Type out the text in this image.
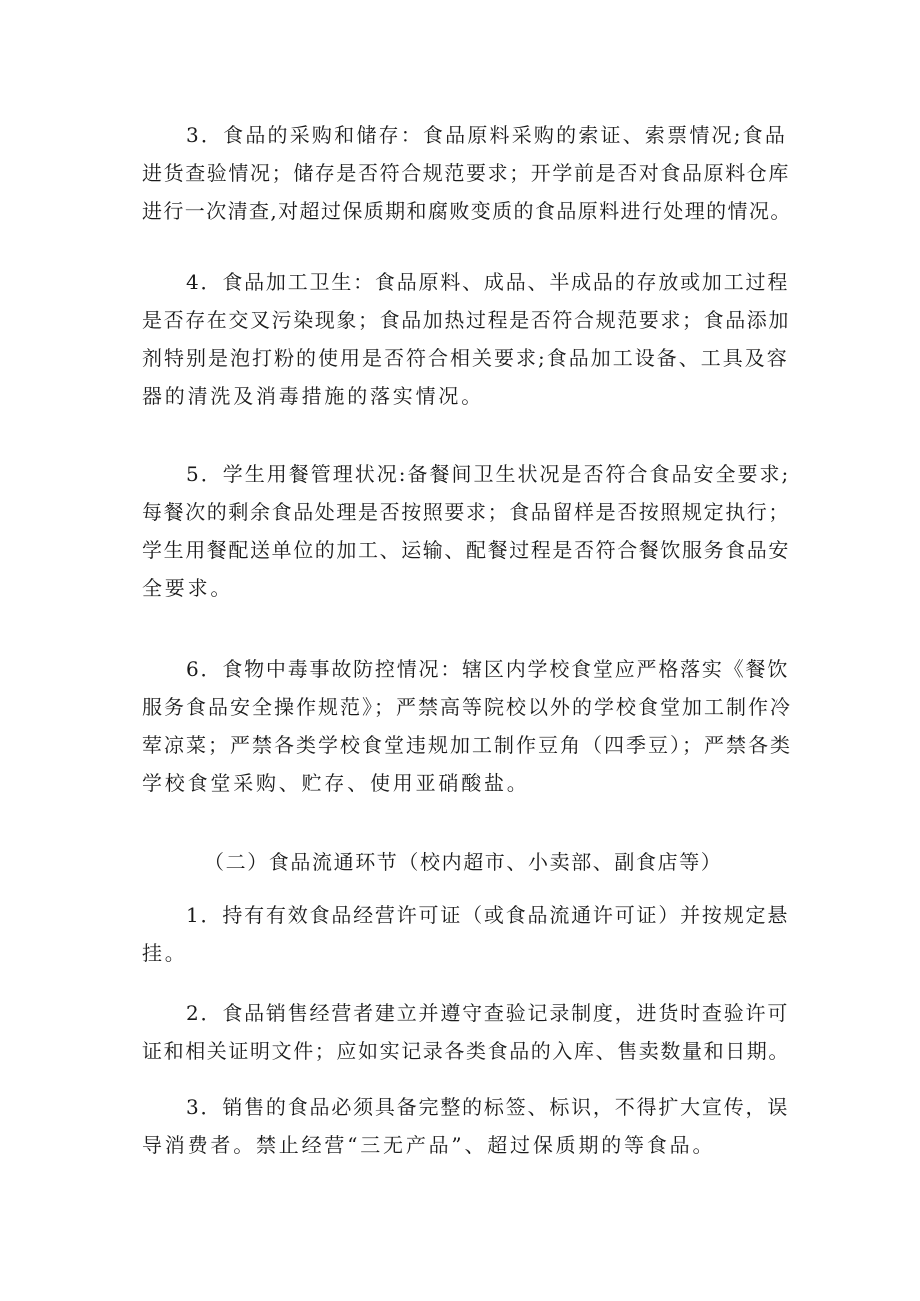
3．食品的采购和储存：食品原料采购的索证、索票情况;食品
进货查验情况；储存是否符合规范要求；开学前是否对食品原料仓库
进行一次清查,对超过保质期和腐败变质的食品原料进行处理的情况。
4．食品加工卫生：食品原料、成品、半成品的存放或加工过程
是否存在交叉污染现象；食品加热过程是否符合规范要求；食品添加
剂特别是泡打粉的使用是否符合相关要求;食品加工设备、工具及容
器的清洗及消毒措施的落实情况。
5．学生用餐管理状况:备餐间卫生状况是否符合食品安全要求;
每餐次的剩余食品处理是否按照要求；食品留样是否按照规定执行；
学生用餐配送单位的加工、运输、配餐过程是否符合餐饮服务食品安
全要求。
6．食物中毒事故防控情况：辖区内学校食堂应严格落实《餐饮
服务食品安全操作规范》；严禁高等院校以外的学校食堂加工制作冷
荤凉菜；严禁各类学校食堂违规加工制作豆角（四季豆）；严禁各类
学校食堂采购、贮存、使用亚硝酸盐。
（二）食品流通环节（校内超市、小卖部、副食店等）
1．持有有效食品经营许可证（或食品流通许可证）并按规定悬
挂。
2．食品销售经营者建立并遵守查验记录制度，进货时查验许可
证和相关证明文件；应如实记录各类食品的入库、售卖数量和日期。
3．销售的食品必须具备完整的标签、标识，不得扩大宣传，误
导消费者。禁止经营“三无产品”、超过保质期的等食品。
